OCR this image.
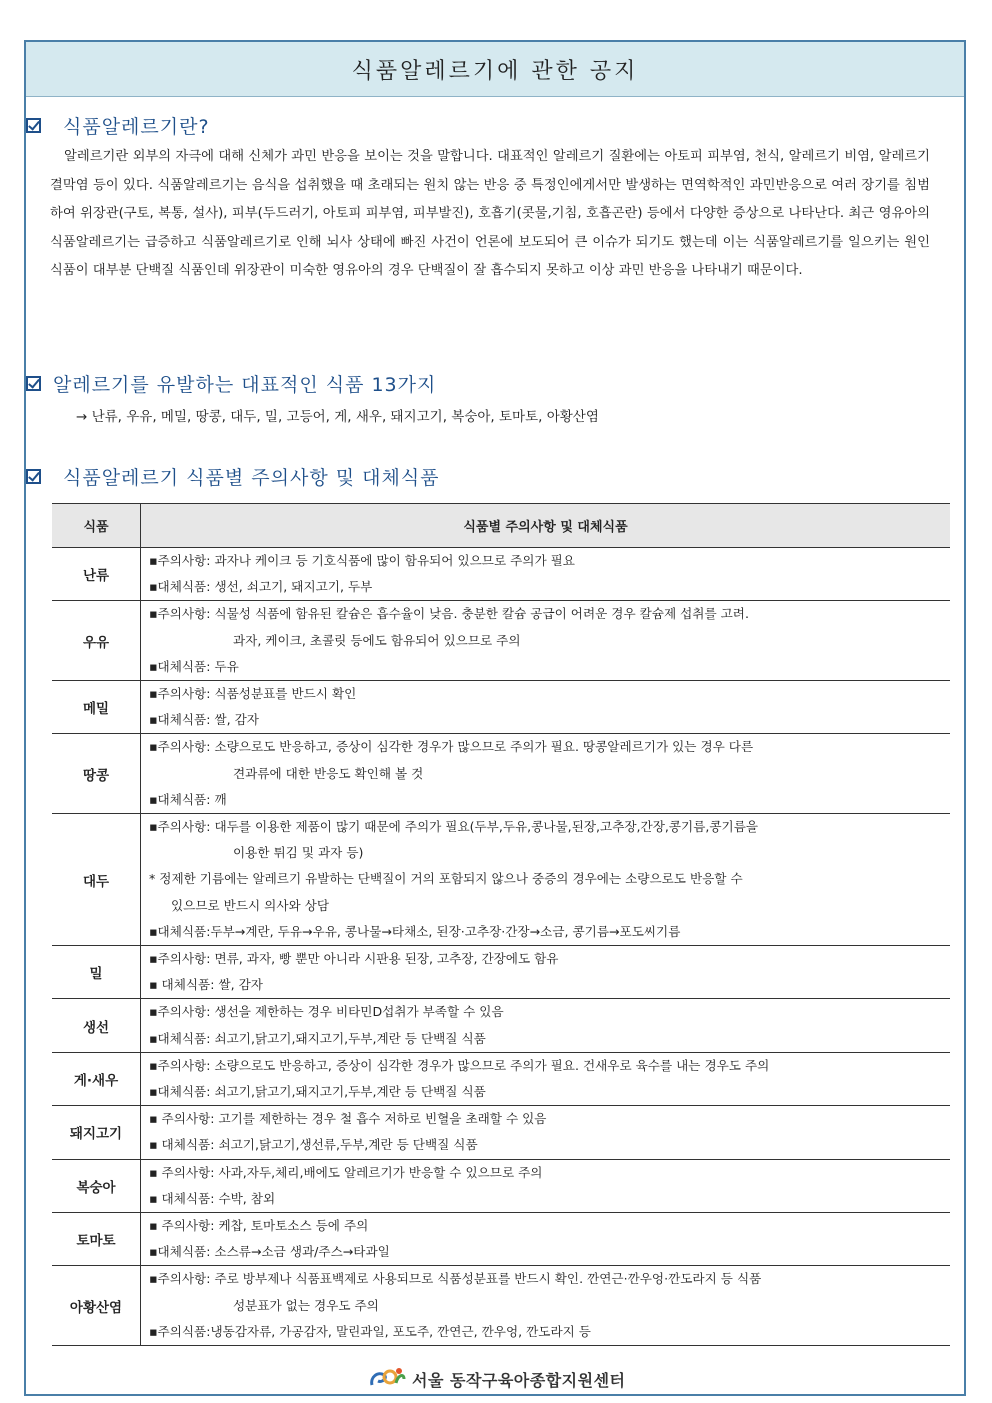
식품알레르기에 관한 공지
식품알레르기란?

알레르기란 외부의 자극에 대해 신체가 과민 반응을 보이는 것을 말합니다. 대표적인 알레르기 질환에는 아토피 피부염, 천식, 알레르기 비염, 알레르기 결막염 등이 있다. 식품알레르기는 음식을 섭취했을 때 초래되는 원치 않는 반응 중 특정인에게서만 발생하는 면역학적인 과민반응으로 여러 장기를 침범하여 위장관(구토, 복통, 설사), 피부(두드러기, 아토피 피부염, 피부발진), 호흡기(콧물,기침, 호흡곤란) 등에서 다양한 증상으로 나타난다. 최근 영유아의 식품알레르기는 급증하고 식품알레르기로 인해 뇌사 상태에 빠진 사건이 언론에 보도되어 큰 이슈가 되기도 했는데 이는 식품알레르기를 일으키는 원인식품이 대부분 단백질 식품인데 위장관이 미숙한 영유아의 경우 단백질이 잘 흡수되지 못하고 이상 과민 반응을 나타내기 때문이다.

알레르기를 유발하는 대표적인 식품 13가지
→ 난류, 우유, 메밀, 땅콩, 대두, 밀, 고등어, 게, 새우, 돼지고기, 복숭아, 토마토, 아황산염
식품알레르기 식품별 주의사항 및 대체식품
식품	식품별 주의사항 및 대체식품
난류	▪주의사항: 과자나 케이크 등 기호식품에 많이 함유되어 있으므로 주의가 필요
▪대체식품: 생선, 쇠고기, 돼지고기, 두부

우유	▪주의사항: 식물성 식품에 함유된 칼슘은 흡수율이 낮음. 충분한 칼슘 공급이 어려운 경우 칼슘제 섭취를 고려.
과자, 케이크, 초콜릿 등에도 함유되어 있으므로 주의
▪대체식품: 두유

메밀	▪주의사항: 식품성분표를 반드시 확인
▪대체식품: 쌀, 감자

땅콩	▪주의사항: 소량으로도 반응하고, 증상이 심각한 경우가 많으므로 주의가 필요. 땅콩알레르기가 있는 경우 다른
견과류에 대한 반응도 확인해 볼 것
▪대체식품: 깨

대두	▪주의사항: 대두를 이용한 제품이 많기 때문에 주의가 필요(두부,두유,콩나물,된장,고추장,간장,콩기름,콩기름을
이용한 튀김 및 과자 등)
* 정제한 기름에는 알레르기 유발하는 단백질이 거의 포함되지 않으나 중증의 경우에는 소량으로도 반응할 수
있으므로 반드시 의사와 상담
▪대체식품:두부→계란, 두유→우유, 콩나물→타채소, 된장·고추장·간장→소금, 콩기름→포도씨기름

밀	▪주의사항: 면류, 과자, 빵 뿐만 아니라 시판용 된장, 고추장, 간장에도 함유
▪ 대체식품: 쌀, 감자

생선	▪주의사항: 생선을 제한하는 경우 비타민D섭취가 부족할 수 있음
▪대체식품: 쇠고기,닭고기,돼지고기,두부,계란 등 단백질 식품

게·새우	▪주의사항: 소량으로도 반응하고, 증상이 심각한 경우가 많으므로 주의가 필요. 건새우로 육수를 내는 경우도 주의
▪대체식품: 쇠고기,닭고기,돼지고기,두부,계란 등 단백질 식품

돼지고기	▪ 주의사항: 고기를 제한하는 경우 철 흡수 저하로 빈혈을 초래할 수 있음
▪ 대체식품: 쇠고기,닭고기,생선류,두부,계란 등 단백질 식품

복숭아	▪ 주의사항: 사과,자두,체리,배에도 알레르기가 반응할 수 있으므로 주의
▪ 대체식품: 수박, 참외

토마토	▪ 주의사항: 케찹, 토마토소스 등에 주의
▪대체식품: 소스류→소금 생과/주스→타과일

아황산염	▪주의사항: 주로 방부제나 식품표백제로 사용되므로 식품성분표를 반드시 확인. 깐연근·깐우엉·깐도라지 등 식품
성분표가 없는 경우도 주의
▪주의식품:냉동감자류, 가공감자, 말린과일, 포도주, 깐연근, 깐우엉, 깐도라지 등
서울 동작구육아종합지원센터
